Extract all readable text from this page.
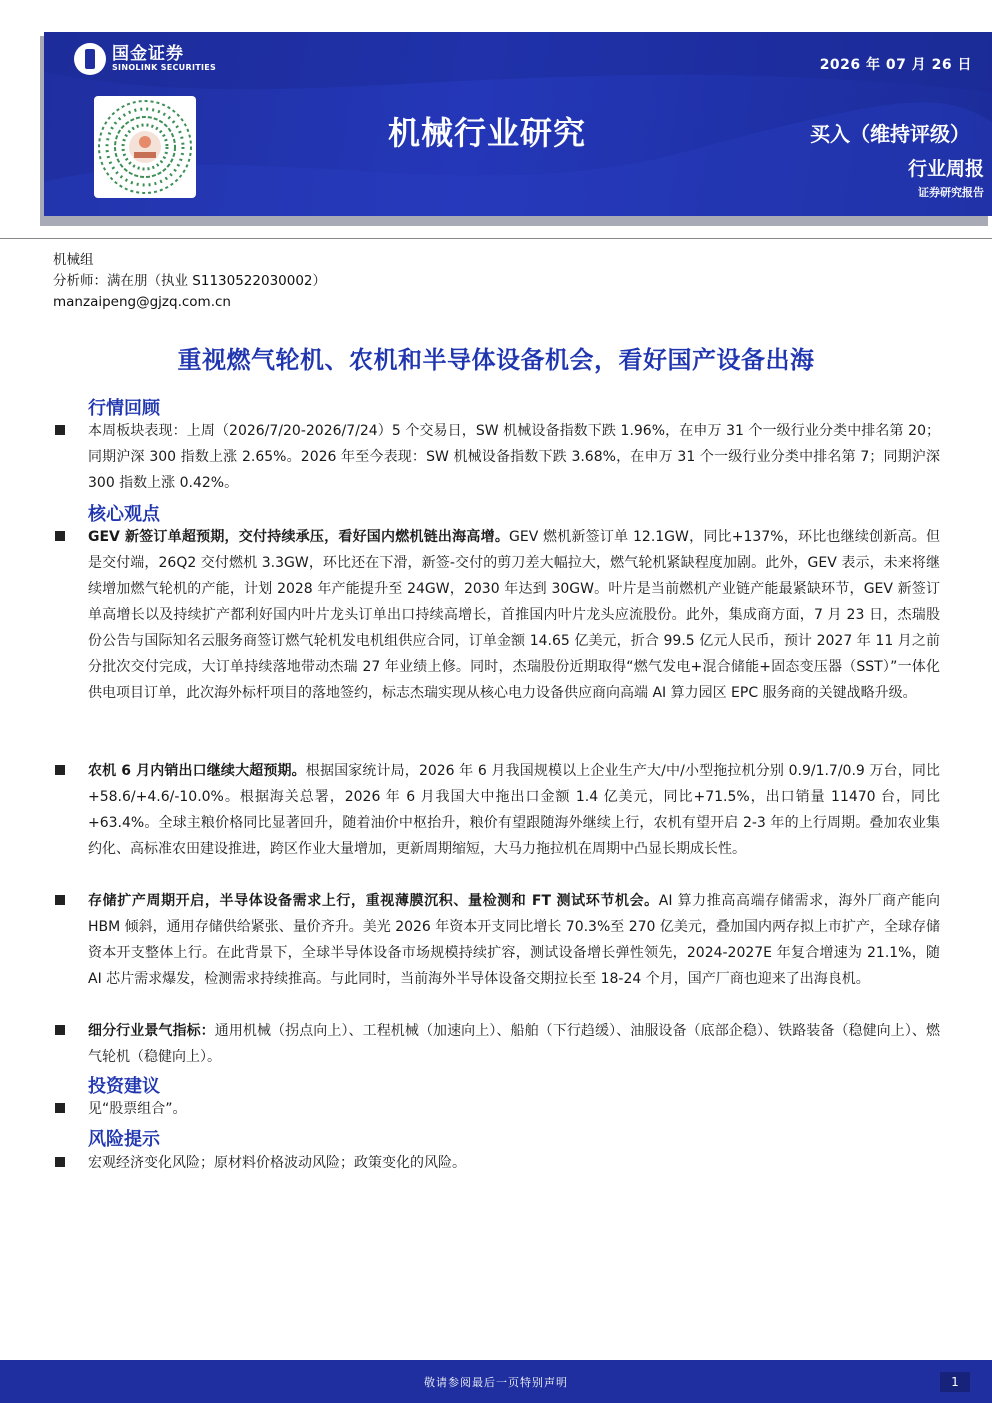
国金证券
SINOLINK SECURITIES	2026 年 07 月 26 日
机械行业研究	买入（维持评级）
行业周报
证券研究报告
机械组
分析师：满在朋（执业 S1130522030002）
manzaipeng@gjzq.com.cn
重视燃气轮机、农机和半导体设备机会，看好国产设备出海
行情回顾
本周板块表现：上周（2026/7/20-2026/7/24）5 个交易日，SW 机械设备指数下跌 1.96%，在申万 31 个一级行业分类中排名第 20；同期沪深 300 指数上涨 2.65%。2026 年至今表现：SW 机械设备指数下跌 3.68%，在申万 31 个一级行业分类中排名第 7；同期沪深 300 指数上涨 0.42%。
核心观点
GEV 新签订单超预期，交付持续承压，看好国内燃机链出海高增。GEV 燃机新签订单 12.1GW，同比+137%，环比也继续创新高。但是交付端，26Q2 交付燃机 3.3GW，环比还在下滑，新签-交付的剪刀差大幅拉大，燃气轮机紧缺程度加剧。此外，GEV 表示，未来将继续增加燃气轮机的产能，计划 2028 年产能提升至 24GW，2030 年达到 30GW。叶片是当前燃机产业链产能最紧缺环节，GEV 新签订单高增长以及持续扩产都利好国内叶片龙头订单出口持续高增长，首推国内叶片龙头应流股份。此外，集成商方面，7 月 23 日，杰瑞股份公告与国际知名云服务商签订燃气轮机发电机组供应合同，订单金额 14.65 亿美元，折合 99.5 亿元人民币，预计 2027 年 11 月之前分批次交付完成，大订单持续落地带动杰瑞 27 年业绩上修。同时，杰瑞股份近期取得“燃气发电+混合储能+固态变压器（SST）”一体化供电项目订单，此次海外标杆项目的落地签约，标志杰瑞实现从核心电力设备供应商向高端 AI 算力园区 EPC 服务商的关键战略升级。
农机 6 月内销出口继续大超预期。根据国家统计局，2026 年 6 月我国规模以上企业生产大/中/小型拖拉机分别 0.9/1.7/0.9 万台，同比+58.6/+4.6/-10.0%。根据海关总署，2026 年 6 月我国大中拖出口金额 1.4 亿美元，同比+71.5%，出口销量 11470 台，同比+63.4%。全球主粮价格同比显著回升，随着油价中枢抬升，粮价有望跟随海外继续上行，农机有望开启 2-3 年的上行周期。叠加农业集约化、高标准农田建设推进，跨区作业大量增加，更新周期缩短，大马力拖拉机在周期中凸显长期成长性。
存储扩产周期开启，半导体设备需求上行，重视薄膜沉积、量检测和 FT 测试环节机会。AI 算力推高高端存储需求，海外厂商产能向 HBM 倾斜，通用存储供给紧张、量价齐升。美光 2026 年资本开支同比增长 70.3%至 270 亿美元，叠加国内两存拟上市扩产，全球存储资本开支整体上行。在此背景下，全球半导体设备市场规模持续扩容，测试设备增长弹性领先，2024-2027E 年复合增速为 21.1%，随 AI 芯片需求爆发，检测需求持续推高。与此同时，当前海外半导体设备交期拉长至 18-24 个月，国产厂商也迎来了出海良机。
细分行业景气指标：通用机械（拐点向上）、工程机械（加速向上）、船舶（下行趋缓）、油服设备（底部企稳）、铁路装备（稳健向上）、燃气轮机（稳健向上）。
投资建议
见“股票组合”。
风险提示
宏观经济变化风险；原材料价格波动风险；政策变化的风险。
敬请参阅最后一页特别声明	1
